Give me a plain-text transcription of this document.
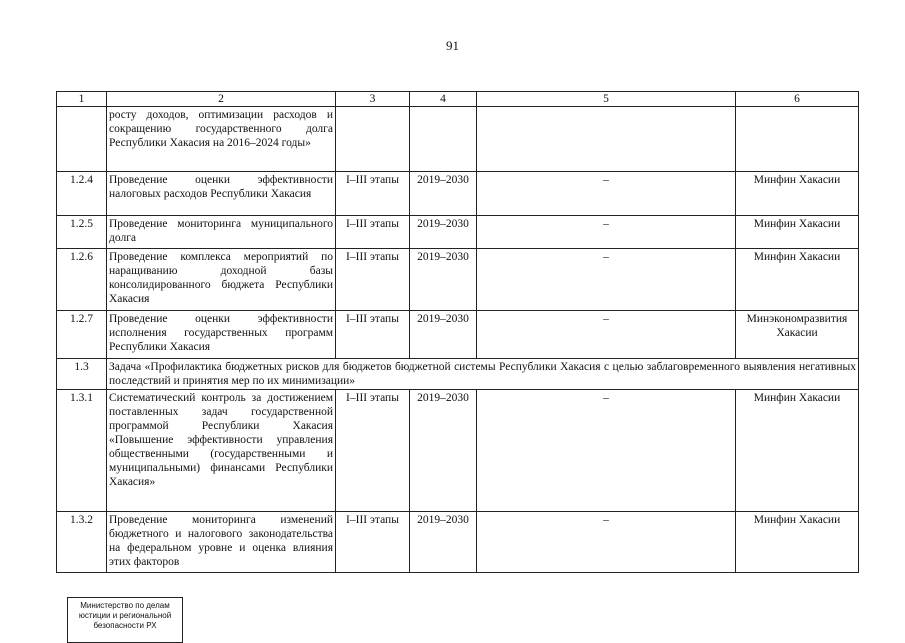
91
1	2	3	4	5	6
	росту доходов, оптимизации расходов и сокращению государственного долга Республики Хакасия на 2016–2024 годы»				
1.2.4	Проведение оценки эффективности налоговых расходов Республики Хакасия	I–III этапы	2019–2030	–	Минфин Хакасии
1.2.5	Проведение мониторинга муниципального долга	I–III этапы	2019–2030	–	Минфин Хакасии
1.2.6	Проведение комплекса мероприятий по наращиванию доходной базы консолидированного бюджета Республики Хакасия	I–III этапы	2019–2030	–	Минфин Хакасии
1.2.7	Проведение оценки эффективности исполнения государственных программ Республики Хакасия	I–III этапы	2019–2030	–	Минэкономразвития Хакасии
1.3	Задача «Профилактика бюджетных рисков для бюджетов бюджетной системы Республики Хакасия с целью заблаговременного выявления негативных последствий и принятия мер по их минимизации»				
1.3.1	Систематический контроль за достижением поставленных задач государственной программой Республики Хакасия «Повышение эффективности управления общественными (государственными и муниципальными) финансами Республики Хакасия»	I–III этапы	2019–2030	–	Минфин Хакасии
1.3.2	Проведение мониторинга изменений бюджетного и налогового законодательства на федеральном уровне и оценка влияния этих факторов	I–III этапы	2019–2030	–	Минфин Хакасии
Министерство по делам
юстиции и региональной
безопасности РХ
